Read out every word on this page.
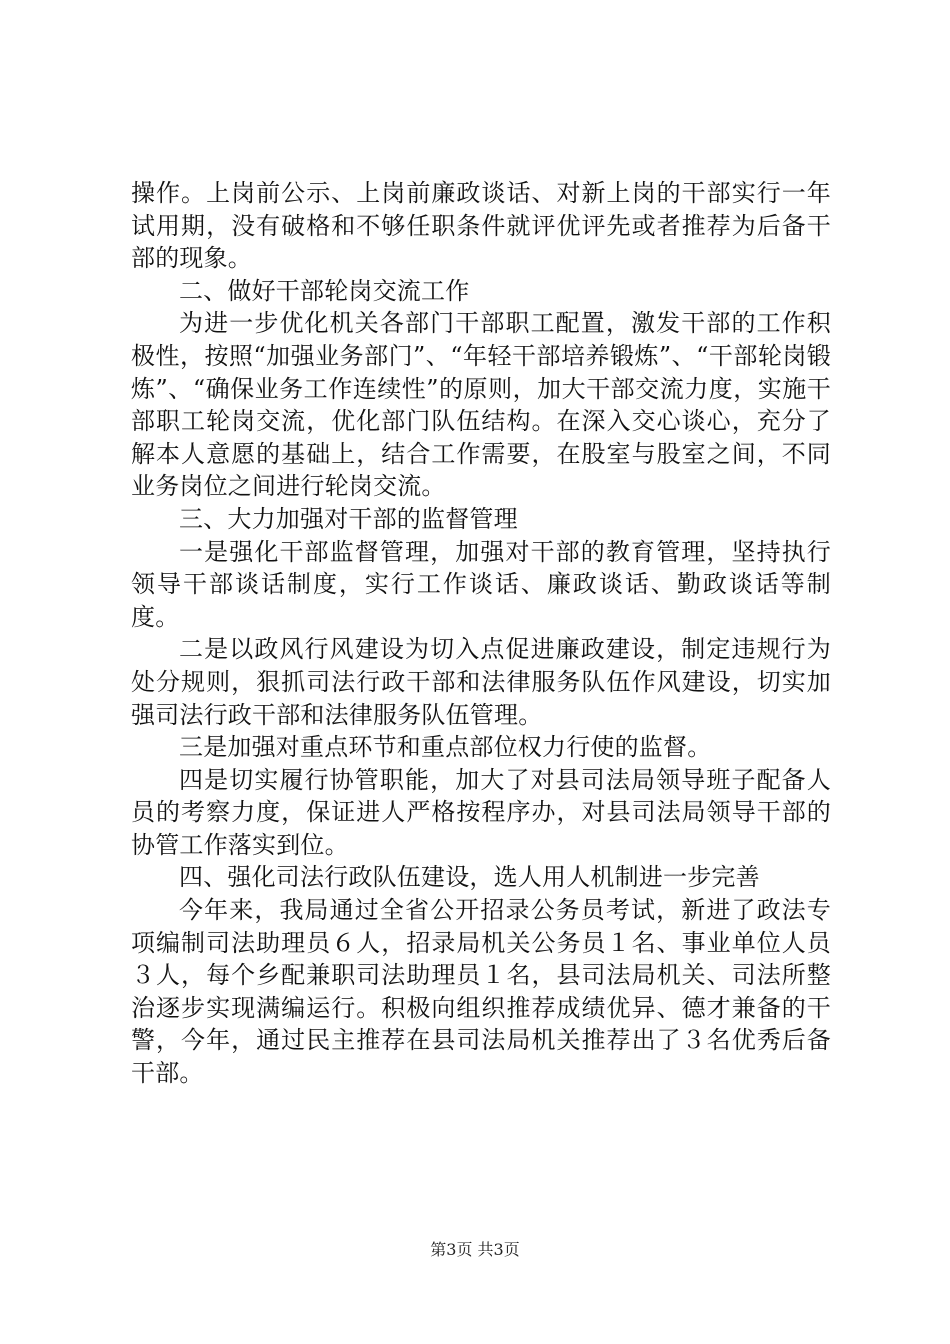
操作。上岗前公示、上岗前廉政谈话、对新上岗的干部实行一年试用期，没有破格和不够任职条件就评优评先或者推荐为后备干部的现象。

二、做好干部轮岗交流工作

为进一步优化机关各部门干部职工配置，激发干部的工作积极性，按照“加强业务部门”、“年轻干部培养锻炼”、“干部轮岗锻炼”、“确保业务工作连续性”的原则，加大干部交流力度，实施干部职工轮岗交流，优化部门队伍结构。在深入交心谈心，充分了解本人意愿的基础上，结合工作需要，在股室与股室之间，不同业务岗位之间进行轮岗交流。

三、大力加强对干部的监督管理

一是强化干部监督管理，加强对干部的教育管理，坚持执行领导干部谈话制度，实行工作谈话、廉政谈话、勤政谈话等制度。

二是以政风行风建设为切入点促进廉政建设，制定违规行为处分规则，狠抓司法行政干部和法律服务队伍作风建设，切实加强司法行政干部和法律服务队伍管理。

三是加强对重点环节和重点部位权力行使的监督。

四是切实履行协管职能，加大了对县司法局领导班子配备人员的考察力度，保证进人严格按程序办，对县司法局领导干部的协管工作落实到位。

四、强化司法行政队伍建设，选人用人机制进一步完善

今年来，我局通过全省公开招录公务员考试，新进了政法专项编制司法助理员６人，招录局机关公务员１名、事业单位人员３人，每个乡配兼职司法助理员１名，县司法局机关、司法所整治逐步实现满编运行。积极向组织推荐成绩优异、德才兼备的干警，今年，通过民主推荐在县司法局机关推荐出了３名优秀后备干部。

第3页 共3页
